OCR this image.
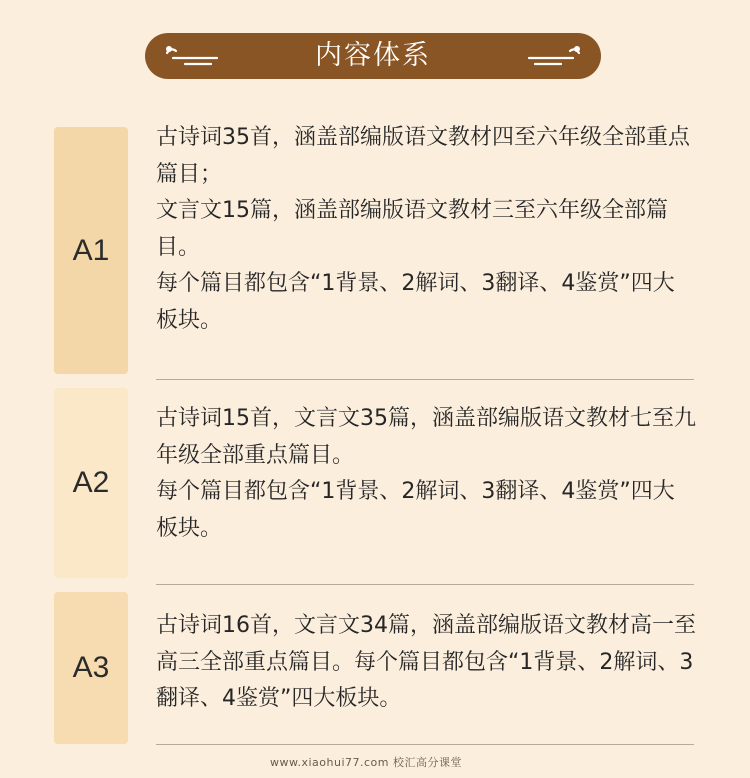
内容体系
A1

古诗词35首，涵盖部编版语文教材四至六年级全部重点篇目；

文言文15篇，涵盖部编版语文教材三至六年级全部篇目。

每个篇目都包含“1背景、2解词、3翻译、4鉴赏”四大板块。

A2

古诗词15首，文言文35篇，涵盖部编版语文教材七至九年级全部重点篇目。

每个篇目都包含“1背景、2解词、3翻译、4鉴赏”四大板块。

A3

古诗词16首，文言文34篇，涵盖部编版语文教材高一至高三全部重点篇目。每个篇目都包含“1背景、2解词、3翻译、4鉴赏”四大板块。

www.xiaohui77.com 校汇高分课堂
